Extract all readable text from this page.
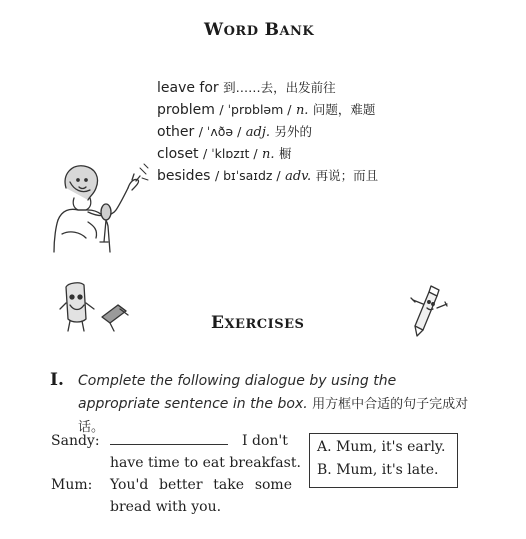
WORD BANK
leave for 到……去，出发前往
problem / ˈprɒbləm / n. 问题，难题
other / ˈʌðə / adj. 另外的
closet / ˈklɒzɪt / n. 橱
besides / bɪˈsaɪdz / adv. 再说；而且
EXERCISES
I. Complete the following dialogue by using the appropriate sentence in the box. 用方框中合适的句子完成对话。
Sandy:	I don't
have time to eat breakfast.
Mum: You'd better take some
bread with you.
A. Mum, it's early.
B. Mum, it's late.
